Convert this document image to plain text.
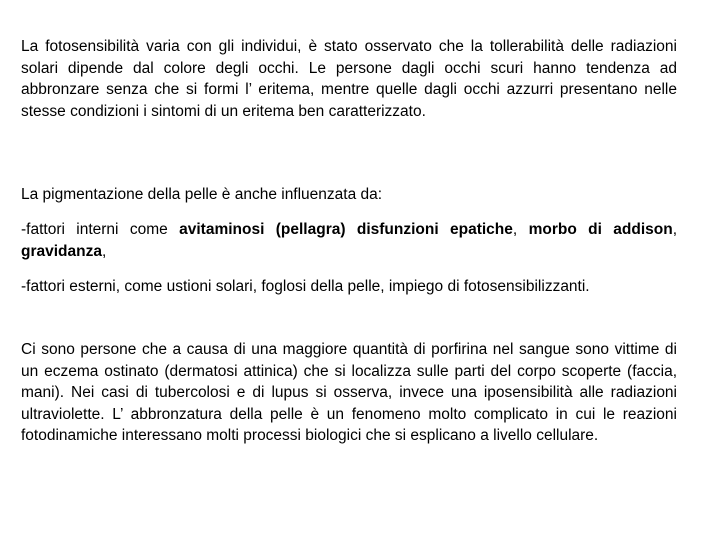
La fotosensibilità varia con gli individui, è stato osservato che la tollerabilità delle radiazioni solari dipende dal colore degli occhi. Le persone dagli occhi scuri hanno tendenza ad abbronzare senza che si formi l’ eritema, mentre quelle dagli occhi azzurri presentano nelle stesse condizioni i sintomi di un eritema ben caratterizzato.

La pigmentazione della pelle è anche influenzata da:

-fattori interni come avitaminosi (pellagra) disfunzioni epatiche, morbo di addison, gravidanza,

-fattori esterni, come ustioni solari, foglosi della pelle, impiego di fotosensibilizzanti.

Ci sono persone che a causa di una maggiore quantità di porfirina nel sangue sono vittime di un eczema ostinato (dermatosi attinica) che si localizza sulle parti del corpo scoperte (faccia, mani). Nei casi di tubercolosi e di lupus si osserva, invece una iposensibilità alle radiazioni ultraviolette. L’ abbronzatura della pelle è un fenomeno molto complicato in cui le reazioni fotodinamiche interessano molti processi biologici che si esplicano a livello cellulare.
